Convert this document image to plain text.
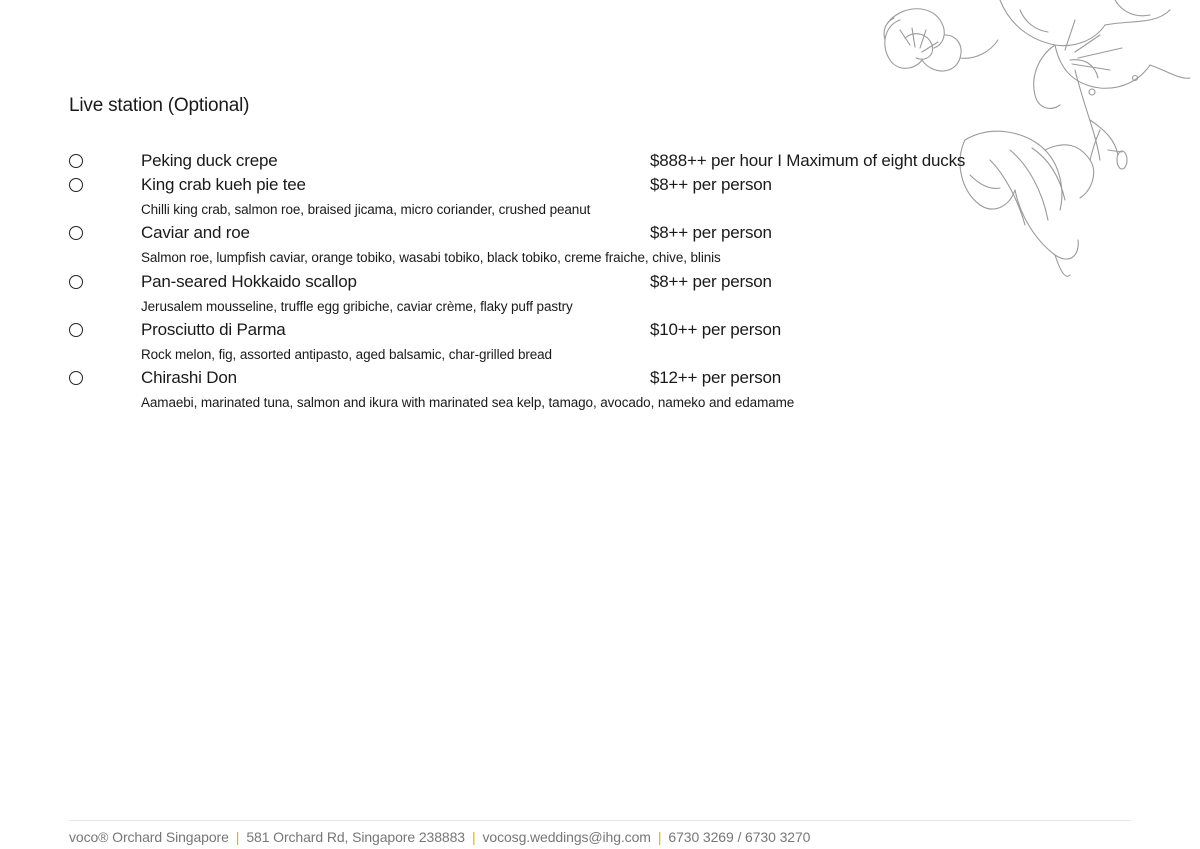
Live station (Optional)
Peking duck crepe	$888++ per hour I Maximum of eight ducks
King crab kueh pie tee	$8++ per person
Chilli king crab, salmon roe, braised jicama, micro coriander, crushed peanut
Caviar and roe	$8++ per person
Salmon roe, lumpfish caviar, orange tobiko, wasabi tobiko, black tobiko, creme fraiche, chive, blinis
Pan-seared Hokkaido scallop	$8++ per person
Jerusalem mousseline, truffle egg gribiche, caviar crème, flaky puff pastry
Prosciutto di Parma	$10++ per person
Rock melon, fig, assorted antipasto, aged balsamic, char-grilled bread
Chirashi Don	$12++ per person
Aamaebi, marinated tuna, salmon and ikura with marinated sea kelp, tamago, avocado, nameko and edamame
voco® Orchard Singapore | 581 Orchard Rd, Singapore 238883 | vocosg.weddings@ihg.com | 6730 3269 / 6730 3270
